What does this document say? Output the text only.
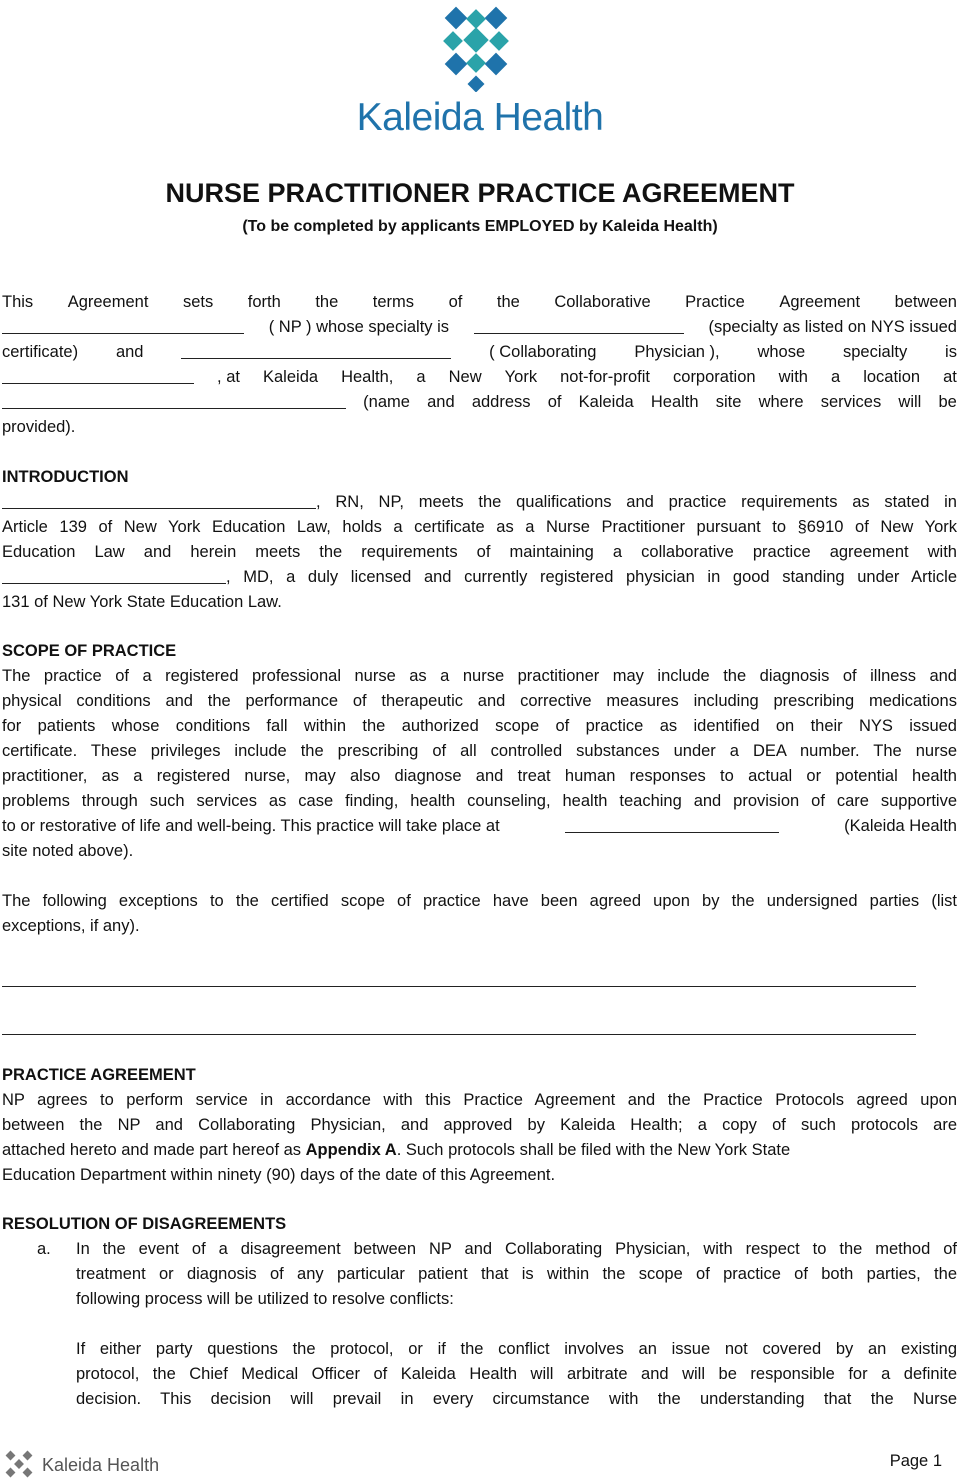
Kaleida Health
NURSE PRACTITIONER PRACTICE AGREEMENT
(To be completed by applicants EMPLOYED by Kaleida Health)
This Agreement sets forth the terms of the Collaborative Practice Agreement between
( NP ) whose specialty is	(specialty as listed on NYS issued
certificate) and	( Collaborating Physician ), whose specialty is
, at Kaleida Health, a New York not-for-profit corporation with a location at
(name and address of Kaleida Health site where services will be
provided).
INTRODUCTION
, RN, NP, meets the qualifications and practice requirements as stated in
Article 139 of New York Education Law, holds a certificate as a Nurse Practitioner pursuant to §6910 of New York
Education Law and herein meets the requirements of maintaining a collaborative practice agreement with
, MD, a duly licensed and currently registered physician in good standing under Article
131 of New York State Education Law.
SCOPE OF PRACTICE
The practice of a registered professional nurse as a nurse practitioner may include the diagnosis of illness and
physical conditions and the performance of therapeutic and corrective measures including prescribing medications
for patients whose conditions fall within the authorized scope of practice as identified on their NYS issued
certificate. These privileges include the prescribing of all controlled substances under a DEA number. The nurse
practitioner, as a registered nurse, may also diagnose and treat human responses to actual or potential health
problems through such services as case finding, health counseling, health teaching and provision of care supportive
to or restorative of life and well-being. This practice will take place at	(Kaleida Health
site noted above).
The following exceptions to the certified scope of practice have been agreed upon by the undersigned parties (list
exceptions, if any).
PRACTICE AGREEMENT
NP agrees to perform service in accordance with this Practice Agreement and the Practice Protocols agreed upon
between the NP and Collaborating Physician, and approved by Kaleida Health; a copy of such protocols are
attached hereto and made part hereof as Appendix A. Such protocols shall be filed with the New York State
Education Department within ninety (90) days of the date of this Agreement.
RESOLUTION OF DISAGREEMENTS
a. In the event of a disagreement between NP and Collaborating Physician, with respect to the method of
treatment or diagnosis of any particular patient that is within the scope of practice of both parties, the
following process will be utilized to resolve conflicts:
If either party questions the protocol, or if the conflict involves an issue not covered by an existing
protocol, the Chief Medical Officer of Kaleida Health will arbitrate and will be responsible for a definite
decision. This decision will prevail in every circumstance with the understanding that the Nurse
Kaleida Health	Page 1
